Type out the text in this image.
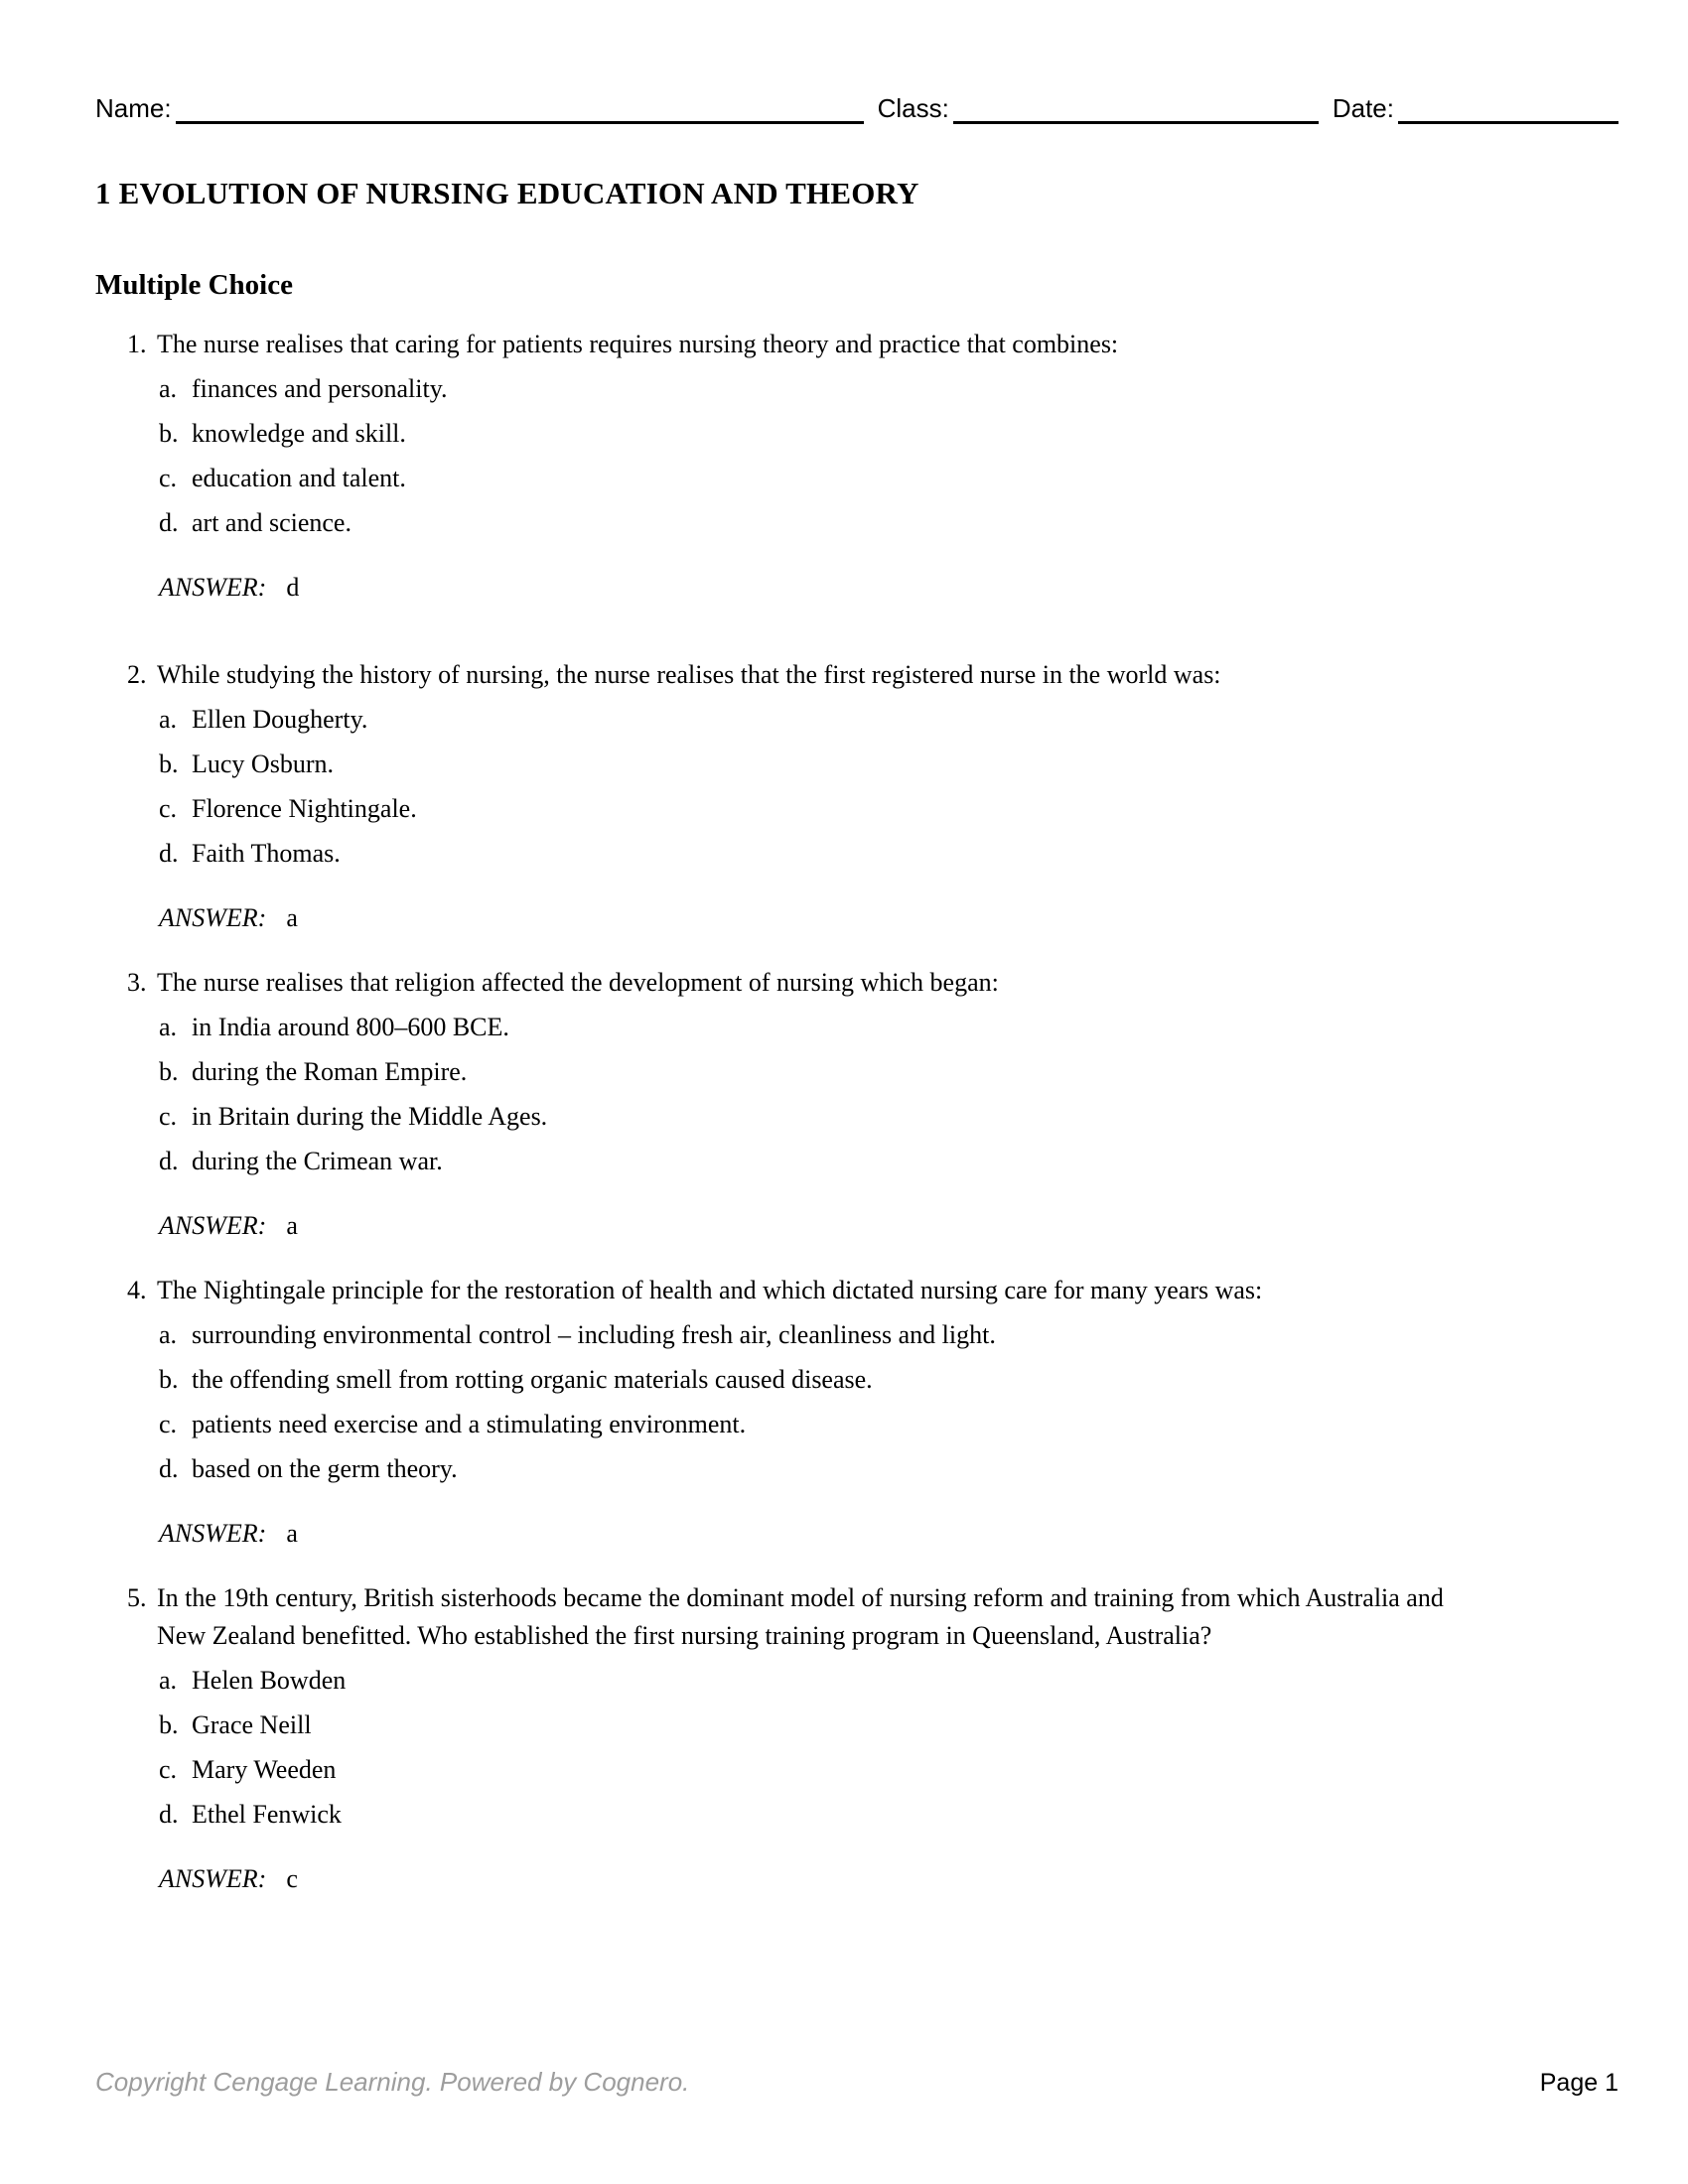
Name:	Class:	Date:
1 EVOLUTION OF NURSING EDUCATION AND THEORY
Multiple Choice
1. The nurse realises that caring for patients requires nursing theory and practice that combines:
a. finances and personality.
b. knowledge and skill.
c. education and talent.
d. art and science.
ANSWER: d
2. While studying the history of nursing, the nurse realises that the first registered nurse in the world was:
a. Ellen Dougherty.
b. Lucy Osburn.
c. Florence Nightingale.
d. Faith Thomas.
ANSWER: a
3. The nurse realises that religion affected the development of nursing which began:
a. in India around 800–600 BCE.
b. during the Roman Empire.
c. in Britain during the Middle Ages.
d. during the Crimean war.
ANSWER: a
4. The Nightingale principle for the restoration of health and which dictated nursing care for many years was:
a. surrounding environmental control – including fresh air, cleanliness and light.
b. the offending smell from rotting organic materials caused disease.
c. patients need exercise and a stimulating environment.
d. based on the germ theory.
ANSWER: a
5. In the 19th century, British sisterhoods became the dominant model of nursing reform and training from which Australia and New Zealand benefitted. Who established the first nursing training program in Queensland, Australia?
a. Helen Bowden
b. Grace Neill
c. Mary Weeden
d. Ethel Fenwick
ANSWER: c
Copyright Cengage Learning. Powered by Cognero.	Page 1
